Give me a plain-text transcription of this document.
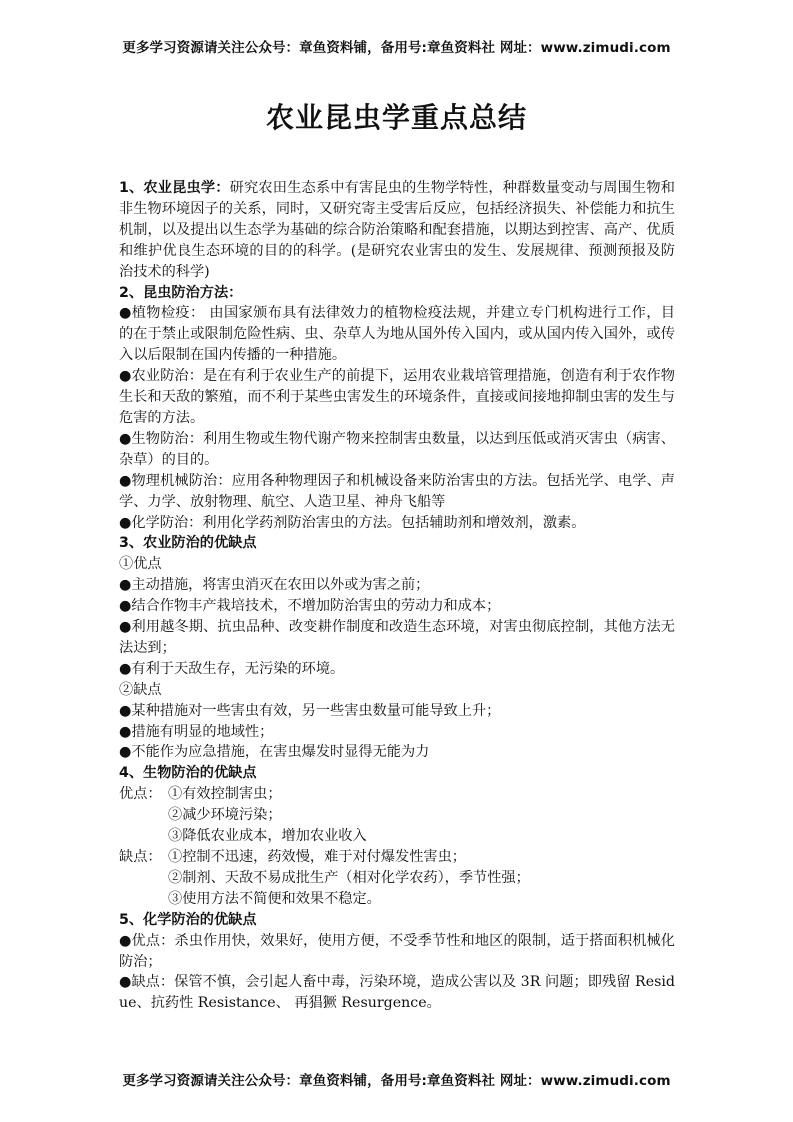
更多学习资源请关注公众号：章鱼资料铺，备用号:章鱼资料社 网址：www.zimudi.com
农业昆虫学重点总结

1、农业昆虫学：研究农田生态系中有害昆虫的生物学特性，种群数量变动与周围生物和非生物环境因子的关系，同时，又研究寄主受害后反应，包括经济损失、补偿能力和抗生机制，以及提出以生态学为基础的综合防治策略和配套措施，以期达到控害、高产、优质和维护优良生态环境的目的的科学。(是研究农业害虫的发生、发展规律、预测预报及防治技术的科学)

2、昆虫防治方法：

●植物检疫： 由国家颁布具有法律效力的植物检疫法规，并建立专门机构进行工作，目的在于禁止或限制危险性病、虫、杂草人为地从国外传入国内，或从国内传入国外，或传入以后限制在国内传播的一种措施。

●农业防治：是在有利于农业生产的前提下，运用农业栽培管理措施，创造有利于农作物生长和天敌的繁殖，而不利于某些虫害发生的环境条件，直接或间接地抑制虫害的发生与危害的方法。

●生物防治：利用生物或生物代谢产物来控制害虫数量，以达到压低或消灭害虫（病害、杂草）的目的。

●物理机械防治：应用各种物理因子和机械设备来防治害虫的方法。包括光学、电学、声学、力学、放射物理、航空、人造卫星、神舟飞船等

●化学防治：利用化学药剂防治害虫的方法。包括辅助剂和增效剂，激素。

3、农业防治的优缺点

①优点

●主动措施，将害虫消灭在农田以外或为害之前；

●结合作物丰产栽培技术，不增加防治害虫的劳动力和成本；

●利用越冬期、抗虫品种、改变耕作制度和改造生态环境，对害虫彻底控制，其他方法无法达到；

●有利于天敌生存，无污染的环境。

②缺点

●某种措施对一些害虫有效，另一些害虫数量可能导致上升；

●措施有明显的地域性；

●不能作为应急措施，在害虫爆发时显得无能为力

4、生物防治的优缺点

优点： ①有效控制害虫；

②减少环境污染；

③降低农业成本，增加农业收入

缺点： ①控制不迅速，药效慢，难于对付爆发性害虫；

②制剂、天敌不易成批生产（相对化学农药），季节性强；

③使用方法不简便和效果不稳定。

5、化学防治的优缺点

●优点：杀虫作用快，效果好，使用方便，不受季节性和地区的限制，适于搭面积机械化防治；

●缺点：保管不慎，会引起人畜中毒，污染环境，造成公害以及 3R 问题；即残留 Residue、抗药性 Resistance、 再猖獗 Resurgence。

更多学习资源请关注公众号：章鱼资料铺，备用号:章鱼资料社 网址：www.zimudi.com
